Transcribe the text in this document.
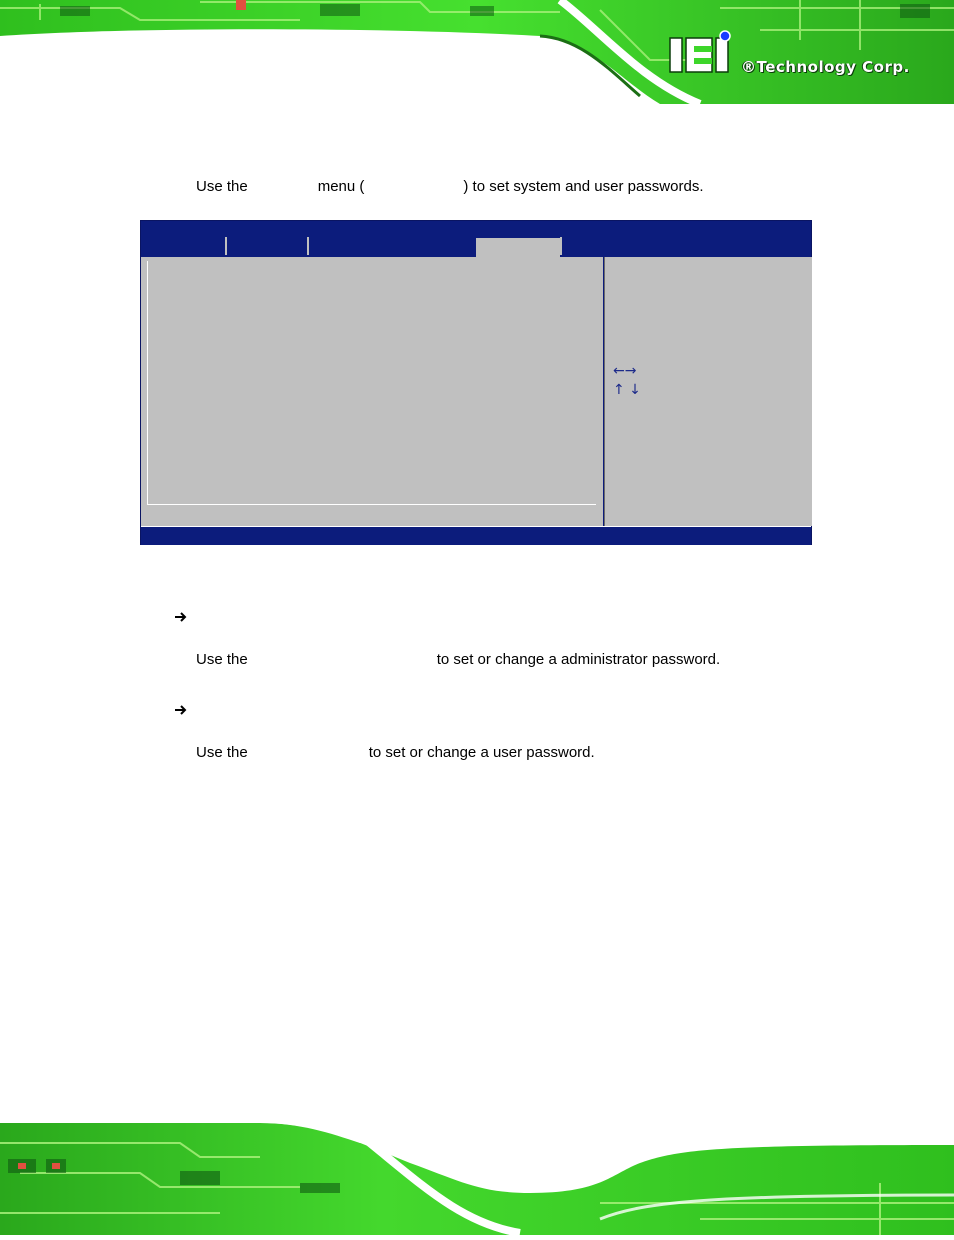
®Technology Corp.
Use the	menu (	) to set system and user passwords.
←→
↑ ↓
Use the	to set or change a administrator password.
Use the	to set or change a user password.
